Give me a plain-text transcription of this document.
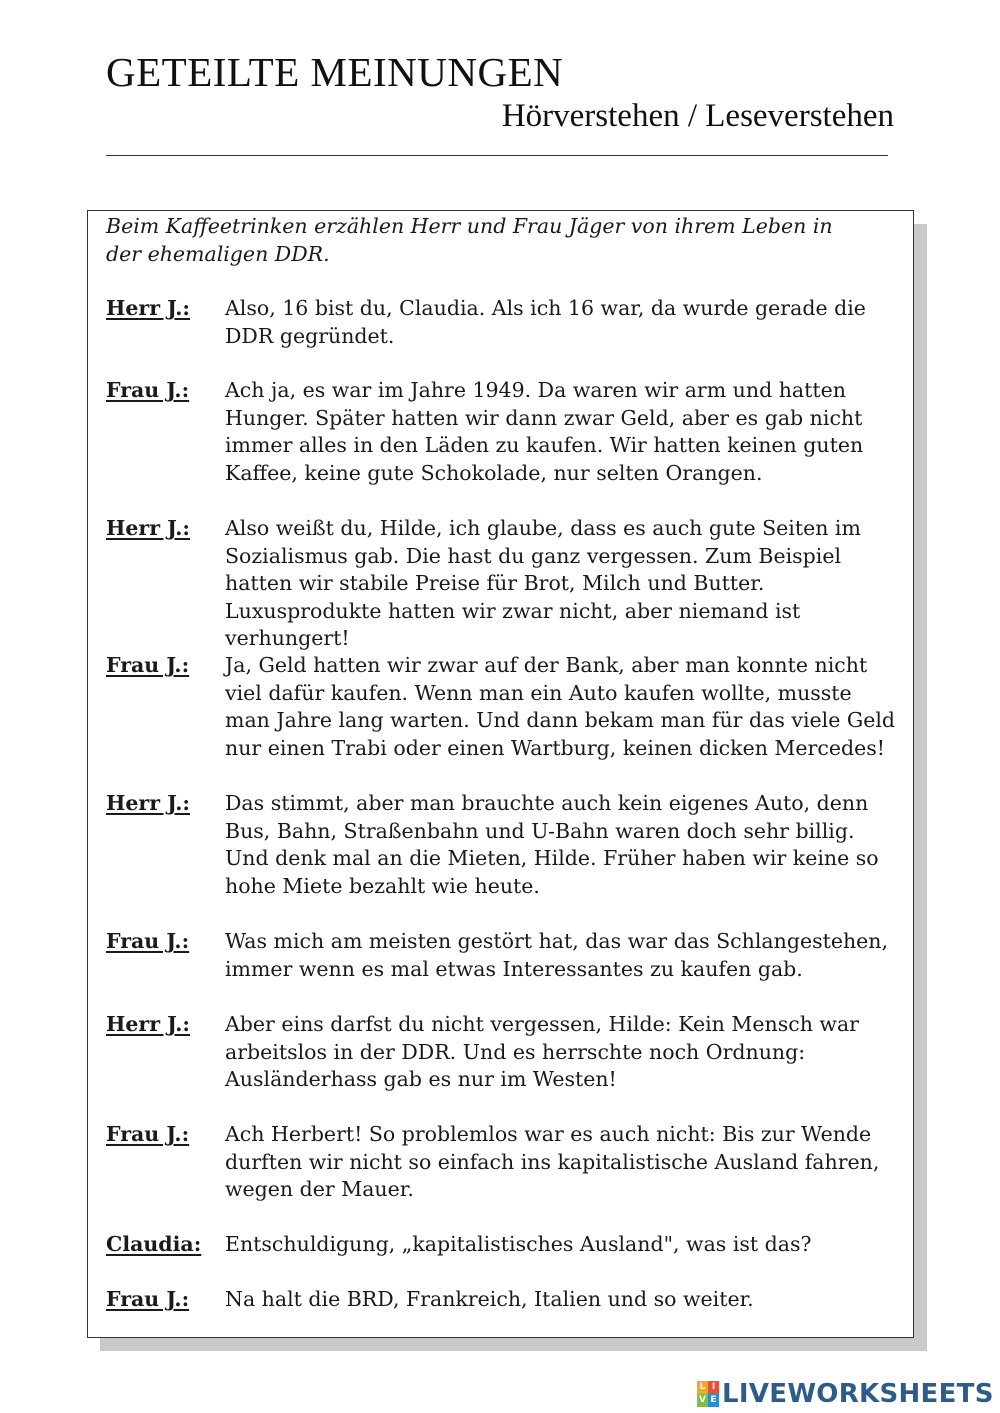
GETEILTE MEINUNGEN
Hörverstehen / Leseverstehen

Beim Kaffeetrinken erzählen Herr und Frau Jäger von ihrem Leben in der ehemaligen DDR.

Herr J.: Also, 16 bist du, Claudia. Als ich 16 war, da wurde gerade die DDR gegründet.

Frau J.: Ach ja, es war im Jahre 1949. Da waren wir arm und hatten Hunger. Später hatten wir dann zwar Geld, aber es gab nicht immer alles in den Läden zu kaufen. Wir hatten keinen guten Kaffee, keine gute Schokolade, nur selten Orangen.

Herr J.: Also weißt du, Hilde, ich glaube, dass es auch gute Seiten im Sozialismus gab. Die hast du ganz vergessen. Zum Beispiel hatten wir stabile Preise für Brot, Milch und Butter. Luxusprodukte hatten wir zwar nicht, aber niemand ist verhungert!

Frau J.: Ja, Geld hatten wir zwar auf der Bank, aber man konnte nicht viel dafür kaufen. Wenn man ein Auto kaufen wollte, musste man Jahre lang warten. Und dann bekam man für das viele Geld nur einen Trabi oder einen Wartburg, keinen dicken Mercedes!

Herr J.: Das stimmt, aber man brauchte auch kein eigenes Auto, denn Bus, Bahn, Straßenbahn und U-Bahn waren doch sehr billig. Und denk mal an die Mieten, Hilde. Früher haben wir keine so hohe Miete bezahlt wie heute.

Frau J.: Was mich am meisten gestört hat, das war das Schlangestehen, immer wenn es mal etwas Interessantes zu kaufen gab.

Herr J.: Aber eins darfst du nicht vergessen, Hilde: Kein Mensch war arbeitslos in der DDR. Und es herrschte noch Ordnung: Ausländerhass gab es nur im Westen!

Frau J.: Ach Herbert! So problemlos war es auch nicht: Bis zur Wende durften wir nicht so einfach ins kapitalistische Ausland fahren, wegen der Mauer.

Claudia: Entschuldigung, „kapitalistisches Ausland", was ist das?

Frau J.: Na halt die BRD, Frankreich, Italien und so weiter.

L I
V E LIVEWORKSHEETS
